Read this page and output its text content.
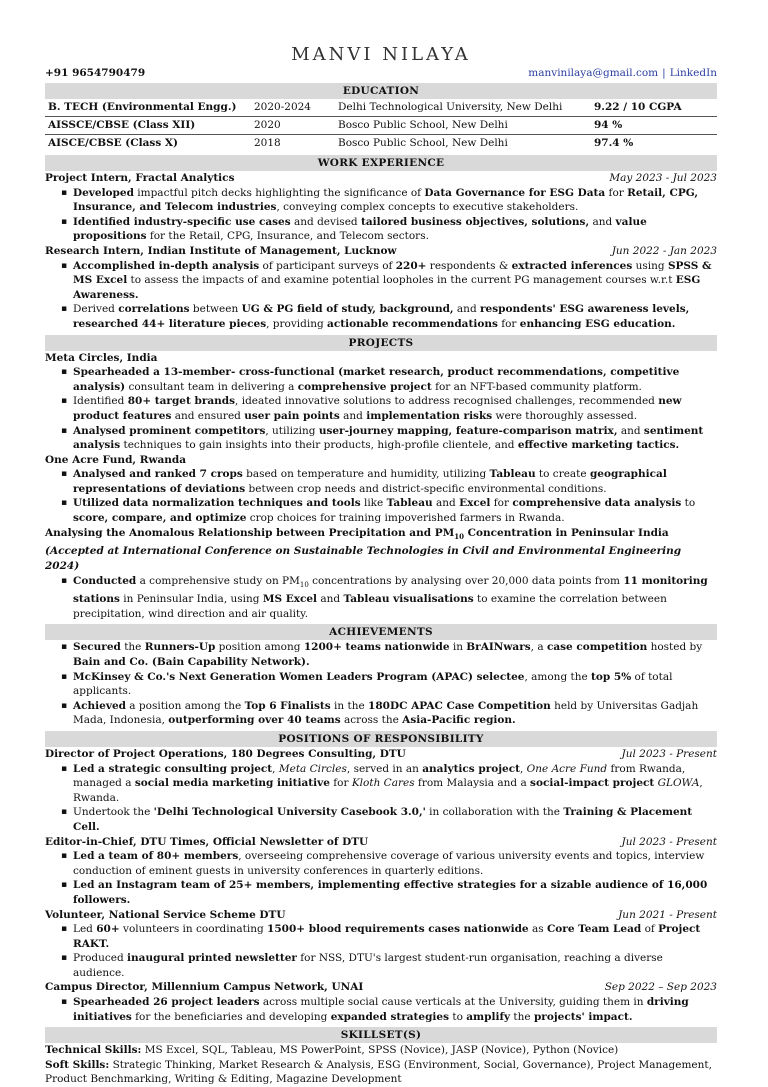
MANVI NILAYA
+91 9654790479	manvinilaya@gmail.com | LinkedIn
EDUCATION
B. TECH (Environmental Engg.)	2020-2024	Delhi Technological University, New Delhi	9.22 / 10 CGPA
AISSCE/CBSE (Class XII)	2020	Bosco Public School, New Delhi	94 %
AISCE/CBSE (Class X)	2018	Bosco Public School, New Delhi	97.4 %
WORK EXPERIENCE
Project Intern, Fractal Analytics	May 2023 - Jul 2023
▪ Developed impactful pitch decks highlighting the significance of Data Governance for ESG Data for Retail, CPG, Insurance, and Telecom industries, conveying complex concepts to executive stakeholders.
▪ Identified industry-specific use cases and devised tailored business objectives, solutions, and value propositions for the Retail, CPG, Insurance, and Telecom sectors.
Research Intern, Indian Institute of Management, Lucknow	Jun 2022 - Jan 2023
▪ Accomplished in-depth analysis of participant surveys of 220+ respondents & extracted inferences using SPSS & MS Excel to assess the impacts of and examine potential loopholes in the current PG management courses w.r.t ESG Awareness.
▪ Derived correlations between UG & PG field of study, background, and respondents' ESG awareness levels, researched 44+ literature pieces, providing actionable recommendations for enhancing ESG education.
PROJECTS
Meta Circles, India
▪ Spearheaded a 13-member- cross-functional (market research, product recommendations, competitive analysis) consultant team in delivering a comprehensive project for an NFT-based community platform.
▪ Identified 80+ target brands, ideated innovative solutions to address recognised challenges, recommended new product features and ensured user pain points and implementation risks were thoroughly assessed.
▪ Analysed prominent competitors, utilizing user-journey mapping, feature-comparison matrix, and sentiment analysis techniques to gain insights into their products, high-profile clientele, and effective marketing tactics.
One Acre Fund, Rwanda
▪ Analysed and ranked 7 crops based on temperature and humidity, utilizing Tableau to create geographical representations of deviations between crop needs and district-specific environmental conditions.
▪ Utilized data normalization techniques and tools like Tableau and Excel for comprehensive data analysis to score, compare, and optimize crop choices for training impoverished farmers in Rwanda.
Analysing the Anomalous Relationship between Precipitation and $PM_{10}$ Concentration in Peninsular India
(Accepted at International Conference on Sustainable Technologies in Civil and Environmental Engineering 2024)
▪ Conducted a comprehensive study on $PM_{10}$ concentrations by analysing over 20,000 data points from 11 monitoring stations in Peninsular India, using MS Excel and Tableau visualisations to examine the correlation between precipitation, wind direction and air quality.
ACHIEVEMENTS
▪ Secured the Runners-Up position among 1200+ teams nationwide in BrAINwars, a case competition hosted by Bain and Co. (Bain Capability Network).
▪ McKinsey & Co.'s Next Generation Women Leaders Program (APAC) selectee, among the top 5% of total applicants.
▪ Achieved a position among the Top 6 Finalists in the 180DC APAC Case Competition held by Universitas Gadjah Mada, Indonesia, outperforming over 40 teams across the Asia-Pacific region.
POSITIONS OF RESPONSIBILITY
Director of Project Operations, 180 Degrees Consulting, DTU	Jul 2023 - Present
▪ Led a strategic consulting project, Meta Circles, served in an analytics project, One Acre Fund from Rwanda, managed a social media marketing initiative for Kloth Cares from Malaysia and a social-impact project GLOWA, Rwanda.
▪ Undertook the 'Delhi Technological University Casebook 3.0,' in collaboration with the Training & Placement Cell.
Editor-in-Chief, DTU Times, Official Newsletter of DTU	Jul 2023 - Present
▪ Led a team of 80+ members, overseeing comprehensive coverage of various university events and topics, interview conduction of eminent guests in university conferences in quarterly editions.
▪ Led an Instagram team of 25+ members, implementing effective strategies for a sizable audience of 16,000 followers.
Volunteer, National Service Scheme DTU	Jun 2021 - Present
▪ Led 60+ volunteers in coordinating 1500+ blood requirements cases nationwide as Core Team Lead of Project RAKT.
▪ Produced inaugural printed newsletter for NSS, DTU's largest student-run organisation, reaching a diverse audience.
Campus Director, Millennium Campus Network, UNAI	Sep 2022 – Sep 2023
▪ Spearheaded 26 project leaders across multiple social cause verticals at the University, guiding them in driving initiatives for the beneficiaries and developing expanded strategies to amplify the projects' impact.
SKILLSET(S)
Technical Skills: MS Excel, SQL, Tableau, MS PowerPoint, SPSS (Novice), JASP (Novice), Python (Novice)
Soft Skills: Strategic Thinking, Market Research & Analysis, ESG (Environment, Social, Governance), Project Management, Product Benchmarking, Writing & Editing, Magazine Development
